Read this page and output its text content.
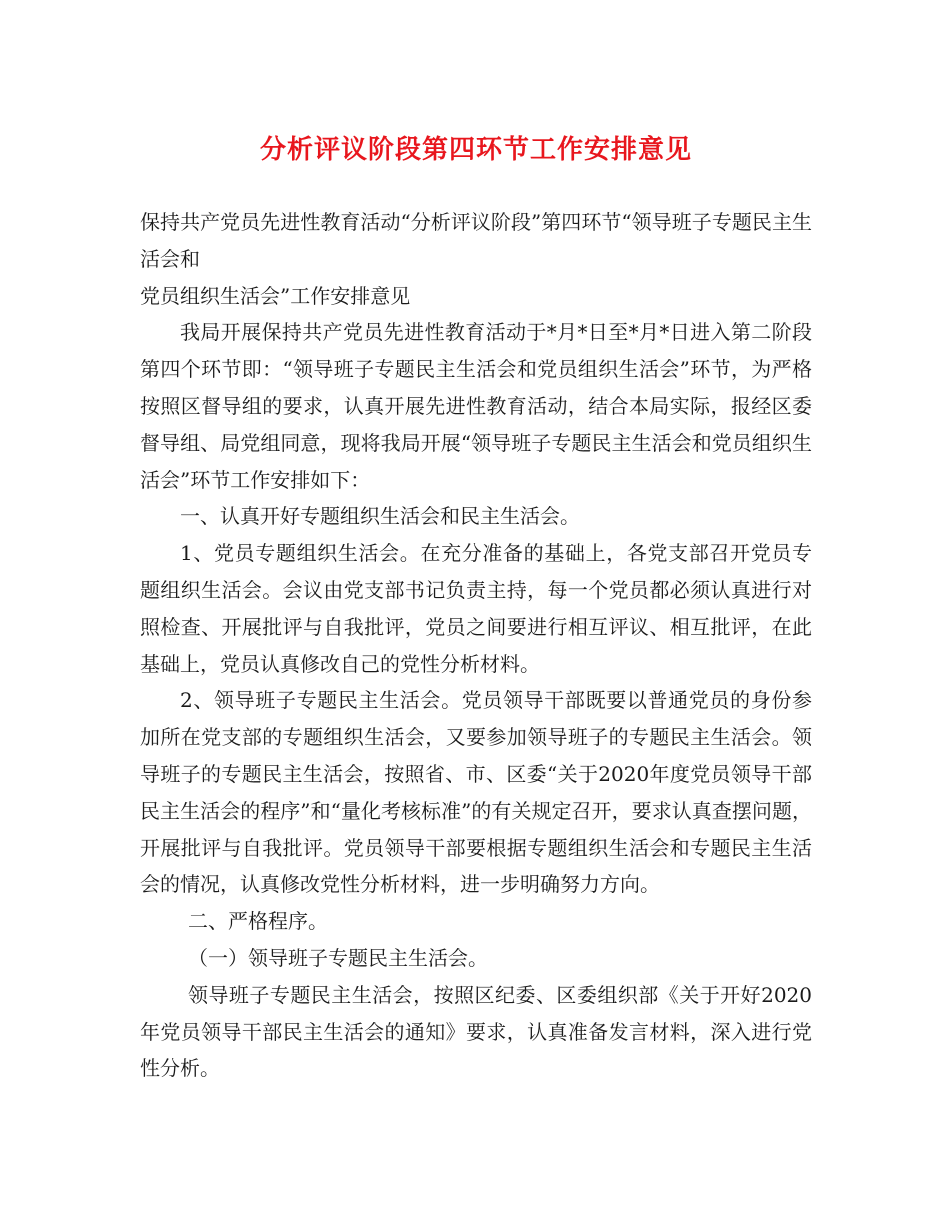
分析评议阶段第四环节工作安排意见

保持共产党员先进性教育活动“分析评议阶段”第四环节“领导班子专题民主生活会和
党员组织生活会”工作安排意见

我局开展保持共产党员先进性教育活动于*月*日至*月*日进入第二阶段第四个环节即：“领导班子专题民主生活会和党员组织生活会”环节，为严格按照区督导组的要求，认真开展先进性教育活动，结合本局实际，报经区委督导组、局党组同意，现将我局开展“领导班子专题民主生活会和党员组织生活会”环节工作安排如下：

一、认真开好专题组织生活会和民主生活会。

1、党员专题组织生活会。在充分准备的基础上，各党支部召开党员专题组织生活会。会议由党支部书记负责主持，每一个党员都必须认真进行对照检查、开展批评与自我批评，党员之间要进行相互评议、相互批评，在此基础上，党员认真修改自己的党性分析材料。

2、领导班子专题民主生活会。党员领导干部既要以普通党员的身份参加所在党支部的专题组织生活会，又要参加领导班子的专题民主生活会。领导班子的专题民主生活会，按照省、市、区委“关于2020年度党员领导干部民主生活会的程序”和“量化考核标准”的有关规定召开，要求认真查摆问题，开展批评与自我批评。党员领导干部要根据专题组织生活会和专题民主生活会的情况，认真修改党性分析材料，进一步明确努力方向。

二、严格程序。

（一）领导班子专题民主生活会。

领导班子专题民主生活会，按照区纪委、区委组织部《关于开好2020年党员领导干部民主生活会的通知》要求，认真准备发言材料，深入进行党性分析。
